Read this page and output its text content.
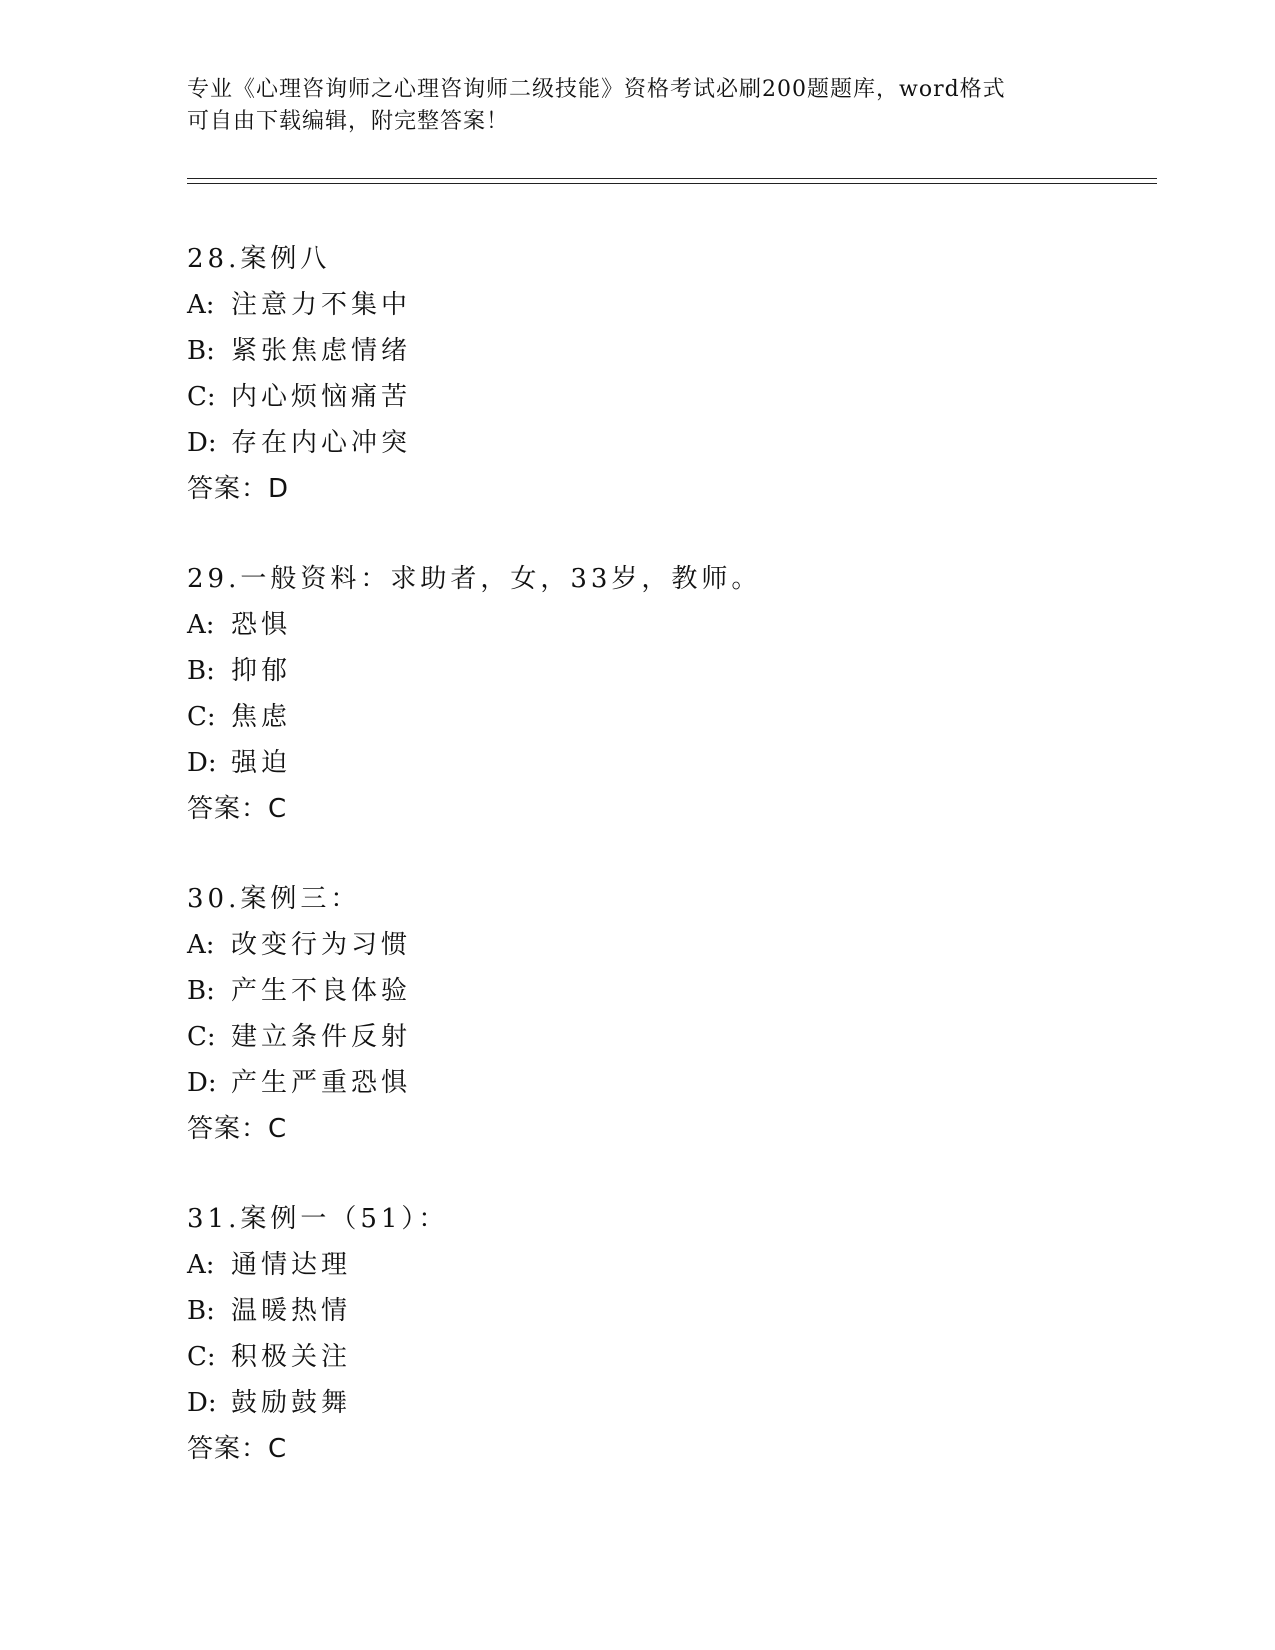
专业《心理咨询师之心理咨询师二级技能》资格考试必刷200题题库，word格式
可自由下载编辑，附完整答案！
28.案例八
A: 注意力不集中
B: 紧张焦虑情绪
C: 内心烦恼痛苦
D: 存在内心冲突
答案：D
29.一般资料：求助者，女，33岁，教师。
A: 恐惧
B: 抑郁
C: 焦虑
D: 强迫
答案：C
30.案例三：
A: 改变行为习惯
B: 产生不良体验
C: 建立条件反射
D: 产生严重恐惧
答案：C
31.案例一（51）：
A: 通情达理
B: 温暖热情
C: 积极关注
D: 鼓励鼓舞
答案：C
